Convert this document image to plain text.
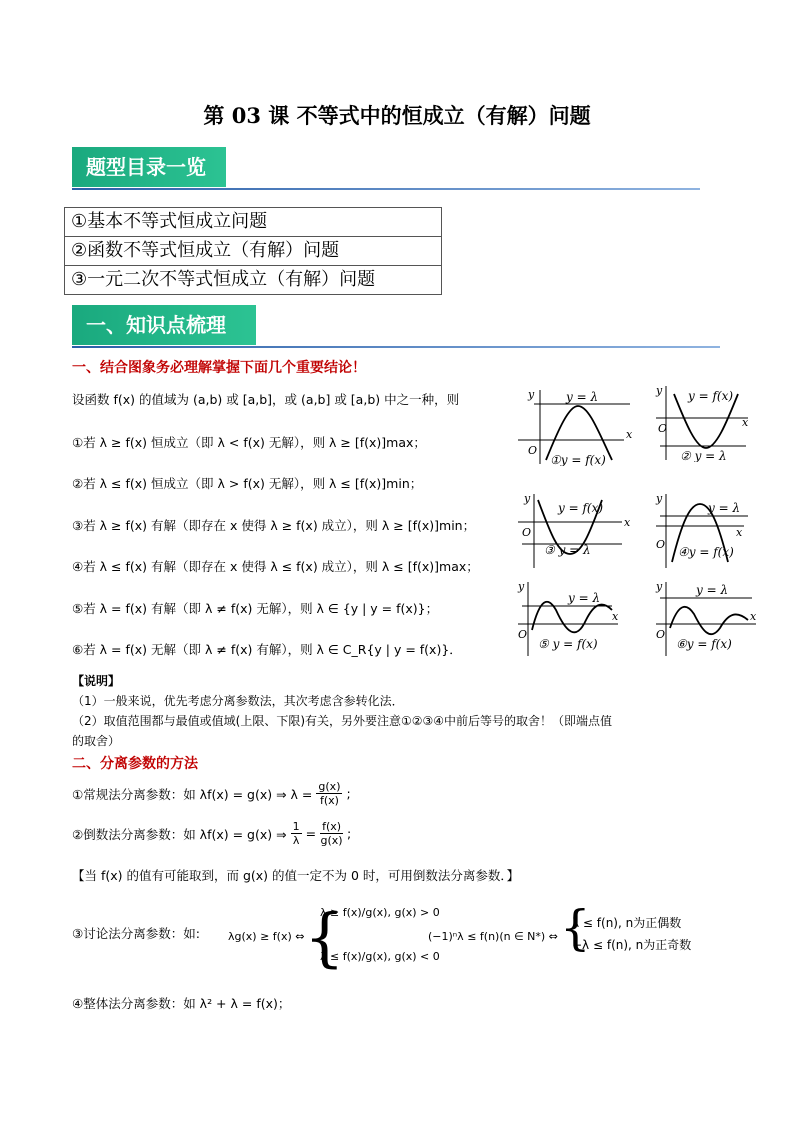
第 03 课 不等式中的恒成立（有解）问题
题型目录一览
①基本不等式恒成立问题
②函数不等式恒成立（有解）问题
③一元二次不等式恒成立（有解）问题
一、知识点梳理
一、结合图象务必理解掌握下面几个重要结论！
设函数 f(x) 的值域为 (a,b) 或 [a,b]，或 (a,b] 或 [a,b) 中之一种，则
①若 λ ≥ f(x) 恒成立（即 λ < f(x) 无解），则 λ ≥ [f(x)]max；
②若 λ ≤ f(x) 恒成立（即 λ > f(x) 无解），则 λ ≤ [f(x)]min；
③若 λ ≥ f(x) 有解（即存在 x 使得 λ ≥ f(x) 成立），则 λ ≥ [f(x)]min；
④若 λ ≤ f(x) 有解（即存在 x 使得 λ ≤ f(x) 成立），则 λ ≤ [f(x)]max；
⑤若 λ = f(x) 有解（即 λ ≠ f(x) 无解），则 λ ∈ {y | y = f(x)}；
⑥若 λ = f(x) 无解（即 λ ≠ f(x) 有解），则 λ ∈ C_R{y | y = f(x)}．
x
y
O
y = λ
①y = f(x)
x
y
O
y = f(x)
② y = λ
x
y
O
y = f(x)
③ y = λ
x
y
O
y = λ
④y = f(x)
x
y
O
y = λ
⑤ y = f(x)
x
y
O
y = λ
⑥y = f(x)
【说明】
（1）一般来说，优先考虑分离参数法，其次考虑含参转化法．
（2）取值范围都与最值或值域(上限、下限)有关，另外要注意①②③④中前后等号的取舍！（即端点值
的取舍）
二、分离参数的方法
①常规法分离参数：如 λf(x) = g(x) ⇒ $\lambda = \frac{g(x)}{f(x)}$ ;
②倒数法分离参数：如 λf(x) = g(x) ⇒ $\frac{1}{\lambda} = \frac{f(x)}{g(x)}$ ;
【当 f(x) 的值有可能取到，而 g(x) 的值一定不为 0 时，可用倒数法分离参数．】
③讨论法分离参数：如:	λg(x) ≥ f(x) ⇔ {
λ ≥ f(x)/g(x), g(x) > 0
λ ≤ f(x)/g(x), g(x) < 0
(−1)ⁿλ ≤ f(n)(n ∈ N*) ⇔ {
λ ≤ f(n), n为正偶数
−λ ≤ f(n), n为正奇数
④整体法分离参数：如 λ² + λ = f(x)；
